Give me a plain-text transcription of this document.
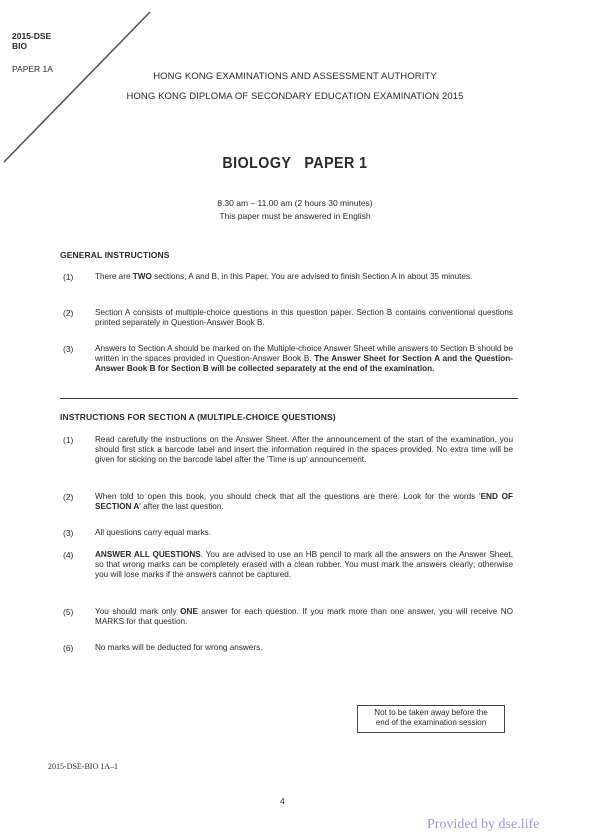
2015-DSE
BIO
PAPER 1A
HONG KONG EXAMINATIONS AND ASSESSMENT AUTHORITY
HONG KONG DIPLOMA OF SECONDARY EDUCATION EXAMINATION 2015
BIOLOGY   PAPER 1
8.30 am – 11.00 am (2 hours 30 minutes)
This paper must be answered in English
GENERAL INSTRUCTIONS
(1)	There are TWO sections, A and B, in this Paper. You are advised to finish Section A in about 35 minutes.
(2)	Section A consists of multiple-choice questions in this question paper. Section B contains conventional questions printed separately in Question-Answer Book B.
(3)	Answers to Section A should be marked on the Multiple-choice Answer Sheet while answers to Section B should be written in the spaces provided in Question-Answer Book B. The Answer Sheet for Section A and the Question-Answer Book B for Section B will be collected separately at the end of the examination.
INSTRUCTIONS FOR SECTION A (MULTIPLE-CHOICE QUESTIONS)
(1)	Read carefully the instructions on the Answer Sheet. After the announcement of the start of the examination, you should first stick a barcode label and insert the information required in the spaces provided. No extra time will be given for sticking on the barcode label after the 'Time is up' announcement.
(2)	When told to open this book, you should check that all the questions are there. Look for the words 'END OF SECTION A' after the last question.
(3)	All questions carry equal marks.
(4)	ANSWER ALL QUESTIONS. You are advised to use an HB pencil to mark all the answers on the Answer Sheet, so that wrong marks can be completely erased with a clean rubber. You must mark the answers clearly; otherwise you will lose marks if the answers cannot be captured.
(5)	You should mark only ONE answer for each question. If you mark more than one answer, you will receive NO MARKS for that question.
(6)	No marks will be deducted for wrong answers.
Not to be taken away before the
end of the examination session
2015-DSE-BIO 1A–1
4
Provided by dse.life
